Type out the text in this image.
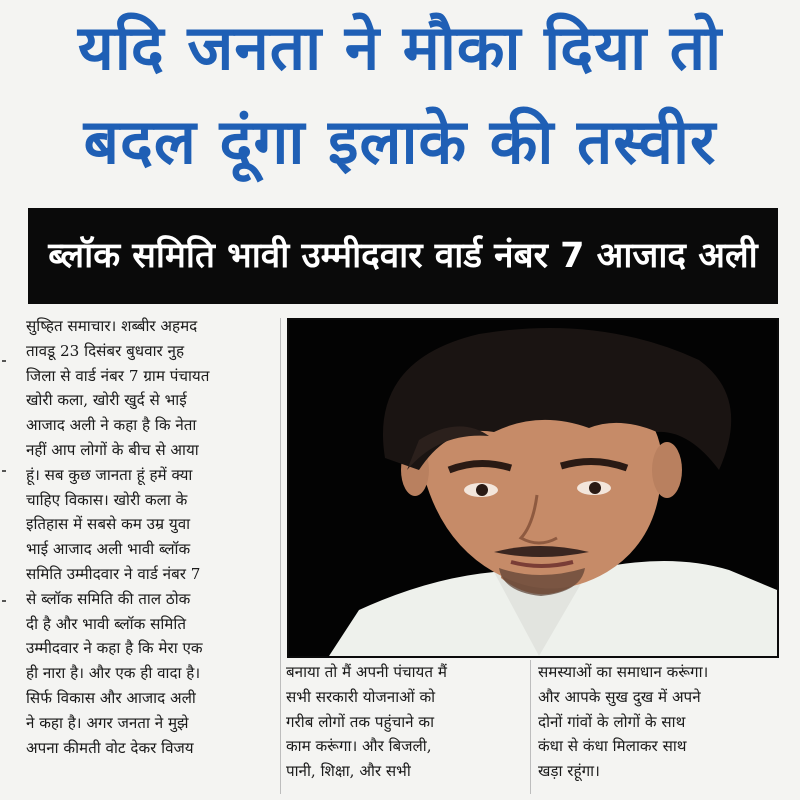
यदि जनता ने मौका दिया तो
बदल दूंगा इलाके की तस्वीर
ब्लॉक समिति भावी उम्मीदवार वार्ड नंबर 7 आजाद अली
सुष्हित समाचार। शब्बीर अहमद
तावडू 23 दिसंबर बुधवार नुह
जिला से वार्ड नंबर 7 ग्राम पंचायत
खोरी कला, खोरी खुर्द से भाई
आजाद अली ने कहा है कि नेता
नहीं आप लोगों के बीच से आया
हूं। सब कुछ जानता हूं हमें क्या
चाहिए विकास। खोरी कला के
इतिहास में सबसे कम उम्र युवा
भाई आजाद अली भावी ब्लॉक
समिति उम्मीदवार ने वार्ड नंबर 7
से ब्लॉक समिति की ताल ठोक
दी है और भावी ब्लॉक समिति
उम्मीदवार ने कहा है कि मेरा एक
ही नारा है। और एक ही वादा है।
सिर्फ विकास और आजाद अली
ने कहा है। अगर जनता ने मुझे
अपना कीमती वोट देकर विजय
बनाया तो मैं अपनी पंचायत मैं
सभी सरकारी योजनाओं को
गरीब लोगों तक पहुंचाने का
काम करूंगा। और बिजली,
पानी, शिक्षा, और सभी
समस्याओं का समाधान करूंगा।
और आपके सुख दुख में अपने
दोनों गांवों के लोगों के साथ
कंधा से कंधा मिलाकर साथ
खड़ा रहूंगा।
